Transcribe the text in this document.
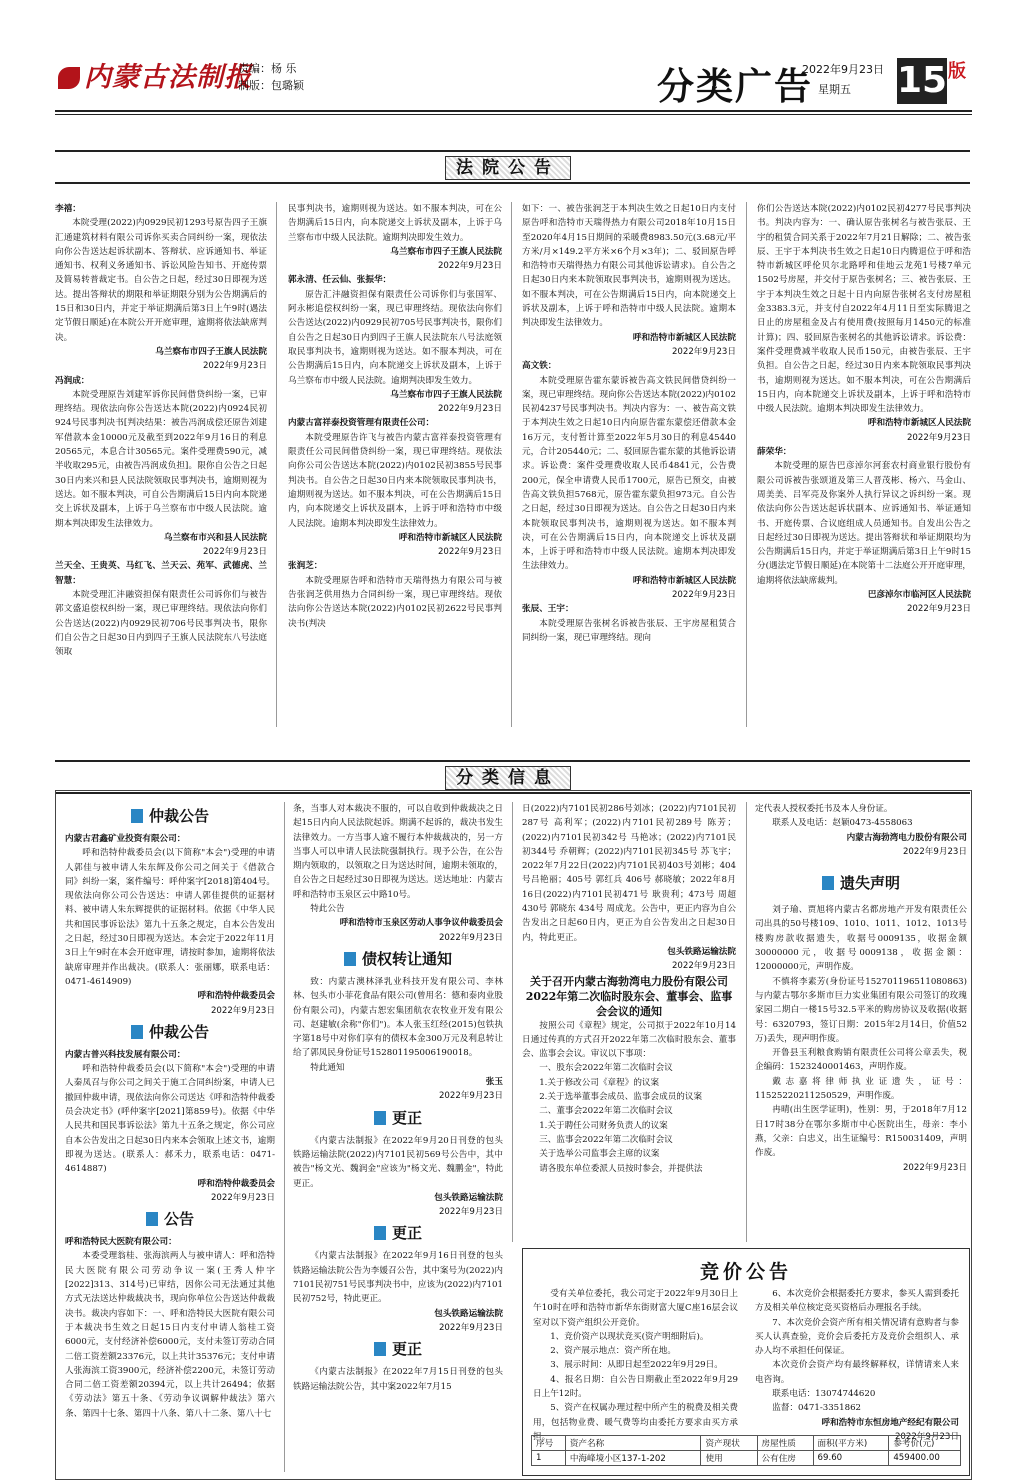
内蒙古法制报
责编：杨 乐
制版：包璐颖	分类广告
2022年9月23日
星期五	15 版
法院公告

李禧：

本院受理(2022)内0929民初1293号原告四子王旗汇通建筑材料有限公司诉你买卖合同纠纷一案，现依法向你公告送达起诉状副本、答辩状、应诉通知书、举证通知书、权利义务通知书、诉讼风险告知书、开庭传票及简易转普裁定书。自公告之日起，经过30日即视为送达。提出答辩状的期限和举证期限分别为公告期满后的15日和30日内，并定于举证期满后第3日上午9时(遇法定节假日顺延)在本院公开开庭审理，逾期将依法缺席判决。

乌兰察布市四子王旗人民法院

2022年9月23日

冯润成：

本院受理原告刘建军诉你民间借贷纠纷一案，已审理终结。现依法向你公告送达本院(2022)内0924民初924号民事判决书[判决结果：被告冯润成偿还原告刘建军借款本金10000元及截至到2022年9月16日的利息20565元，本息合计30565元。案件受理费590元，减半收取295元，由被告冯润成负担]。限你自公告之日起30日内来兴和县人民法院领取民事判决书，逾期则视为送达。如不服本判决，可自公告期满后15日内向本院递交上诉状及副本，上诉于乌兰察布市中级人民法院。逾期本判决即发生法律效力。

乌兰察布市兴和县人民法院

2022年9月23日

兰天全、王贵英、马红飞、兰天云、苑军、武德虎、兰智慧：

本院受理汇沣融资担保有限责任公司诉你们与被告郭文盛追偿权纠纷一案，现已审理终结。现依法向你们公告送达(2022)内0929民初706号民事判决书，限你们自公告之日起30日内到四子王旗人民法院东八号法庭领取

民事判决书，逾期则视为送达。如不服本判决，可在公告期满后15日内，向本院递交上诉状及副本，上诉于乌兰察布市中级人民法院。逾期判决即发生效力。

乌兰察布市四子王旗人民法院

2022年9月23日

郭永清、任云仙、张振华：

原告汇沣融资担保有限责任公司诉你们与张国军、阿永彬追偿权纠纷一案，现已审理终结。现依法向你们公告送达(2022)内0929民初705号民事判决书，限你们自公告之日起30日内到四子王旗人民法院东八号法庭领取民事判决书，逾期则视为送达。如不服本判决，可在公告期满后15日内，向本院递交上诉状及副本，上诉于乌兰察布市中级人民法院。逾期判决即发生效力。

乌兰察布市四子王旗人民法院

2022年9月23日

内蒙古富祥泰投资管理有限责任公司：

本院受理原告许飞与被告内蒙古富祥泰投资管理有限责任公司民间借贷纠纷一案，现已审理终结。现依法向你公司公告送达本院(2022)内0102民初3855号民事判决书。自公告之日起30日内来本院领取民事判决书，逾期则视为送达。如不服本判决，可在公告期满后15日内，向本院递交上诉状及副本，上诉于呼和浩特市中级人民法院。逾期本判决即发生法律效力。

呼和浩特市新城区人民法院

2022年9月23日

张润芝：

本院受理原告呼和浩特市天瑞得热力有限公司与被告张润芝供用热力合同纠纷一案，现已审理终结。现依法向你公告送达本院(2022)内0102民初2622号民事判决书(判决

如下：一、被告张润芝于本判决生效之日起10日内支付原告呼和浩特市天瑞得热力有限公司2018年10月15日至2020年4月15日期间的采暖费8983.50元(3.68元/平方米/月×149.2平方米×6个月×3年)；二、驳回原告呼和浩特市天瑞得热力有限公司其他诉讼请求)。自公告之日起30日内来本院领取民事判决书，逾期则视为送达。如不服本判决，可在公告期满后15日内，向本院递交上诉状及副本，上诉于呼和浩特市中级人民法院。逾期本判决即发生法律效力。

呼和浩特市新城区人民法院

2022年9月23日

高文铁：

本院受理原告霍东蒙诉被告高文铁民间借贷纠纷一案，现已审理终结。现向你公告送达本院(2022)内0102民初4237号民事判决书。判决内容为：一、被告高文铁于本判决生效之日起10日内向原告霍东蒙偿还借款本金16万元，支付暂计算至2022年5月30日的利息45440元，合计205440元；二、驳回原告霍东蒙的其他诉讼请求。诉讼费：案件受理费收取人民币4841元，公告费200元，保全申请费人民币1700元，原告已预交，由被告高文铁负担5768元，原告霍东蒙负担973元。自公告之日起，经过30日即视为送达。自公告之日起30日内来本院领取民事判决书，逾期则视为送达。如不服本判决，可在公告期满后15日内，向本院递交上诉状及副本，上诉于呼和浩特市中级人民法院。逾期本判决即发生法律效力。

呼和浩特市新城区人民法院

2022年9月23日

张辰、王宇：

本院受理原告张树名诉被告张辰、王宇房屋租赁合同纠纷一案，现已审理终结。现向

你们公告送达本院(2022)内0102民初4277号民事判决书。判决内容为：一、确认原告张树名与被告张辰、王宇的租赁合同关系于2022年7月21日解除；二、被告张辰、王宇于本判决书生效之日起10日内腾退位于呼和浩特市新城区呼伦贝尔北路呼和佳地云龙苑1号楼7单元1502号房屋，并交付于原告张树名；三、被告张辰、王宇于本判决生效之日起十日内向原告张树名支付房屋租金3383.3元，并支付自2022年4月11日至实际腾退之日止的房屋租金及占有使用费(按照每月1450元的标准计算)；四、驳回原告张树名的其他诉讼请求。诉讼费：案件受理费减半收取人民币150元，由被告张辰、王宇负担。自公告之日起，经过30日内来本院领取民事判决书，逾期则视为送达。如不服本判决，可在公告期满后15日内，向本院递交上诉状及副本，上诉于呼和浩特市中级人民法院。逾期本判决即发生法律效力。

呼和浩特市新城区人民法院

2022年9月23日

薛荣华：

本院受理的原告巴彦淖尔河套农村商业银行股份有限公司诉被告张颂道及第三人晋茂彬、杨六、马金山、周美美、吕军亮及你案外人执行异议之诉纠纷一案。现依法向你公告送达起诉状副本、应诉通知书、举证通知书、开庭传票、合议庭组成人员通知书。自发出公告之日起经过30日即视为送达。提出答辩状和举证期限均为公告期满后15日内，并定于举证期满后第3日上午9时15分(遇法定节假日顺延)在本院第十二法庭公开开庭审理，逾期将依法缺席裁判。

巴彦淖尔市临河区人民法院

2022年9月23日

分类信息
仲裁公告

内蒙古君鑫矿业投资有限公司：

呼和浩特仲裁委员会(以下简称"本会")受理的申请人郭佳与被申请人朱东辉及你公司之间关于《借款合同》纠纷一案，案件编号：呼仲案字[2018]第404号。现依法向你公司公告送达：申请人郭佳提供的证据材料、被申请人朱东辉提供的证据材料。依据《中华人民共和国民事诉讼法》第九十五条之规定，自本公告发出之日起，经过30日即视为送达。本会定于2022年11月3日上午9时在本会开庭审理，请按时参加，逾期将依法缺席审理并作出裁决。(联系人：张丽娜，联系电话：0471-4614909)

呼和浩特仲裁委员会

2022年9月23日

仲裁公告

内蒙古普兴科技发展有限公司：

呼和浩特仲裁委员会(以下简称"本会")受理的申请人秦凤召与你公司之间关于施工合同纠纷案，申请人已撤回仲裁申请，现依法向你公司送达《呼和浩特仲裁委员会决定书》(呼仲案字[2021]第859号)。依据《中华人民共和国民事诉讼法》第九十五条之规定，你公司应自本公告发出之日起30日内来本会领取上述文书，逾期即视为送达。(联系人：郝禾力，联系电话：0471-4614887)

呼和浩特仲裁委员会

2022年9月23日

公告

呼和浩特民大医院有限公司：

本委受理翁桂、张海滨两人与被申请人：呼和浩特民大医院有限公司劳动争议一案(王秀人仲字[2022]313、314号)已审结，因你公司无法通过其他方式无法送达仲裁裁决书，现向你单位公告送达仲裁裁决书。裁决内容如下：一、呼和浩特民大医院有限公司于本裁决书生效之日起15日内支付申请人翁桂工资6000元，支付经济补偿6000元，支付未签订劳动合同二倍工资差额23376元，以上共计35376元；支付申请人张海滨工资3900元，经济补偿2200元，未签订劳动合同二倍工资差额20394元，以上共计26494；依据《劳动法》第五十条、《劳动争议调解仲裁法》第六条、第四十七条、第四十八条、第八十二条、第八十七

条，当事人对本裁决不服的，可以自收到仲裁裁决之日起15日内向人民法院起诉。期满不起诉的，裁决书发生法律效力。一方当事人逾不履行本仲裁裁决的，另一方当事人可以申请人民法院强制执行。现予公告，在公告期内领取的，以领取之日为送达时间，逾期未领取的，自公告之日起经过30日即视为送达。送达地址：内蒙古呼和浩特市玉泉区云中路10号。

特此公告

呼和浩特市玉泉区劳动人事争议仲裁委员会

2022年9月23日

债权转让通知

致：内蒙古澳林泽乳业科技开发有限公司、李林林、包头市小菲花食品有限公司(曾用名：德和泰肉业股份有限公司)，内蒙古恕宏集团航农农牧业开发有限公司、赵建敏(余称"你们")。本人张玉红经(2015)包铁执字第18号中对你们享有的债权本金300万元及利息转让给了郭凤民身份证号152801195006190018。

特此通知

张玉

2022年9月23日

更正

《内蒙古法制报》在2022年9月20日刊登的包头铁路运输法院(2022)内7101民初569号公告中，其中被告"杨文光、魏润金"应该为"杨文光、魏鹏金"，特此更正。

包头铁路运输法院

2022年9月23日

更正

《内蒙古法制报》在2022年9月16日刊登的包头铁路运输法院公告为李媛召公告，其中案号为(2022)内7101民初751号民事判决书中，应该为(2022)内7101民初752号，特此更正。

包头铁路运输法院

2022年9月23日

更正

《内蒙古法制报》在2022年7月15日刊登的包头铁路运输法院公告，其中案2022年7月15

日(2022)内7101民初286号刘冰；(2022)内7101民初287号 高利军；(2022)内7101民初289号 陈芳；(2022)内7101民初342号 马艳冰；(2022)内7101民初344号 乔朝辉；(2022)内7101民初345号 苏飞宇；2022年7月22日(2022)内7101民初403号刘彬；404号吕艳丽；405号 郭红兵 406号 郝晓敏；2022年8月16日(2022)内7101民初471号 耿贵利；473号 周超 430号 郭晓东 434号 周成龙。公告中，更正内容为自公告发出之日起60日内，更正为自公告发出之日起30日内，特此更正。

包头铁路运输法院

2022年9月23日

关于召开内蒙古海勃湾电力股份有限公司2022年第二次临时股东会、董事会、监事会会议的通知

按照公司《章程》规定，公司拟于2022年10月14日通过传真的方式召开2022年第二次临时股东会、董事会、监事会会议。审议以下事项：

一、股东会2022年第二次临时会议

1.关于修改公司《章程》的议案

2.关于选举董事会成员、监事会成员的议案

二、董事会2022年第二次临时会议

1.关于聘任公司财务负责人的议案

三、监事会2022年第二次临时会议

关于选举公司监事会主席的议案

请各股东单位委派人员按时参会，并提供法

定代表人授权委托书及本人身份证。

联系人及电话：赵颖0473-4558063

内蒙古海勃湾电力股份有限公司

2022年9月23日

遗失声明

刘子瑜、贾旭将内蒙古名都房地产开发有限责任公司出具的50号楼109、1010、1011、1012、1013号楼购房款收据遗失，收据号0009135，收据金额30000000元，收据号0009138，收据金额：12000000元，声明作废。

不慎将李素芳(身份证号152701196511080863)与内蒙古鄂尔多斯市巨力实业集团有限公司签订的玫瑰家园二期白一楼15号32.5平米的购房协议及收据(收据号：6320793，签订日期：2015年2月14日，价值52万)丢失，现声明作废。

开鲁县玉利粮食购销有限责任公司将公章丢失，税企编码：1523240001463，声明作废。

戴志嘉将律师执业证遗失，证号：11525220211250529，声明作废。

冉晴(出生医学证明)，性别：男，于2018年7月12日17时38分在鄂尔多斯市中心医院出生，母亲：李小燕，父亲：白忠义，出生证编号：R150031409，声明作废。

2022年9月23日

竞价公告

受有关单位委托，我公司定于2022年9月30日上午10时在呼和浩特市新华东街财富大厦C座16层会议室对以下资产组织公开竞价。

1、竞价资产以现状竞买(资产明细附后)。

2、资产展示地点：资产所在地。

3、展示时间：从即日起至2022年9月29日。

4、报名日期：自公告日期截止至2022年9月29日上午12时。

5、资产在权属办理过程中所产生的税费及相关费用，包括物业费、暖气费等均由委托方要求由买方承担。

6、本次竞价会根据委托方要求，参买人需到委托方及相关单位核定竞买资格后办理报名手续。

7、本次竞价会资产所有相关情况请有意购者与参买人认真查验，竞价会后委托方及竞价会组织人、承办人均不承担任何保证。

本次竞价会资产均有最终解释权，详情请来人来电咨询。

联系电话：13074744620

监督：0471-3351862

呼和浩特市东恒房地产经纪有限公司

2022年9月23日

序号	资产名称	资产现状	房屋性质	面积(平方米)	参考价(元)
1	中海峰境小区137-1-202	使用	公有住房	69.60	459400.00
